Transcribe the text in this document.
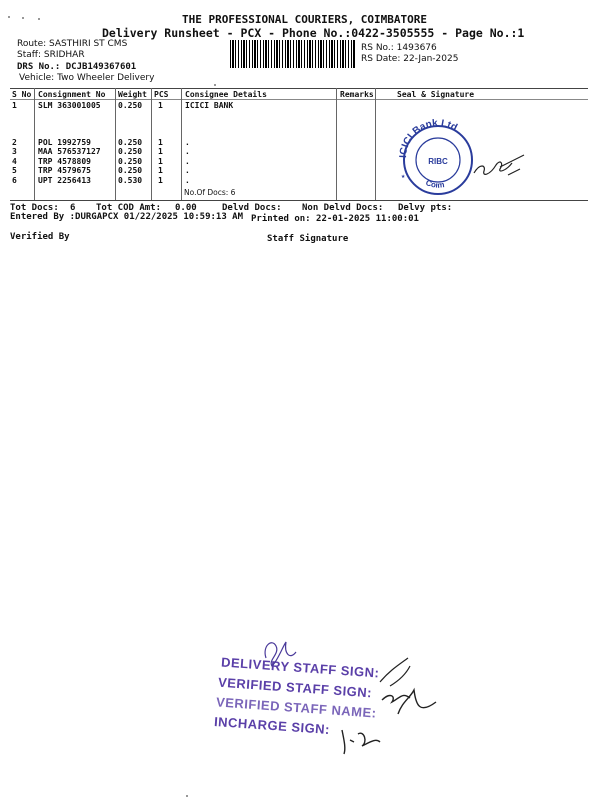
THE PROFESSIONAL COURIERS, COIMBATORE
Delivery Runsheet - PCX - Phone No.:0422-3505555 - Page No.:1
Route: SASTHIRI ST CMS
Staff: SRIDHAR
DRS No.: DCJB149367601
Vehicle: Two Wheeler Delivery
RS No.: 1493676
RS Date: 22-Jan-2025
S No Consignment No Weight PCS Consignee Details	Remarks	Seal & Signature
1	SLM 363001005 0.250 1	ICICI BANK
2	POL 1992759	0.250 1	.
3	MAA 576537127 0.250 1	.
4	TRP 4578809	0.250 1	.
5	TRP 4579675	0.250 1	.
6	UPT 2256413	0.530 1	.
No.Of Docs: 6
ICICI Bank Ltd
RIBC
Coim
★
Tot Docs: 6 Tot COD Amt: 0.00	Delvd Docs: Non Delvd Docs: Delvy pts:
Entered By :DURGAPCX 01/22/2025 10:59:13 AM Printed on: 22-01-2025 11:00:01
Verified By	Staff Signature
DELIVERY STAFF SIGN:
VERIFIED STAFF SIGN:
VERIFIED STAFF NAME:
INCHARGE SIGN:
